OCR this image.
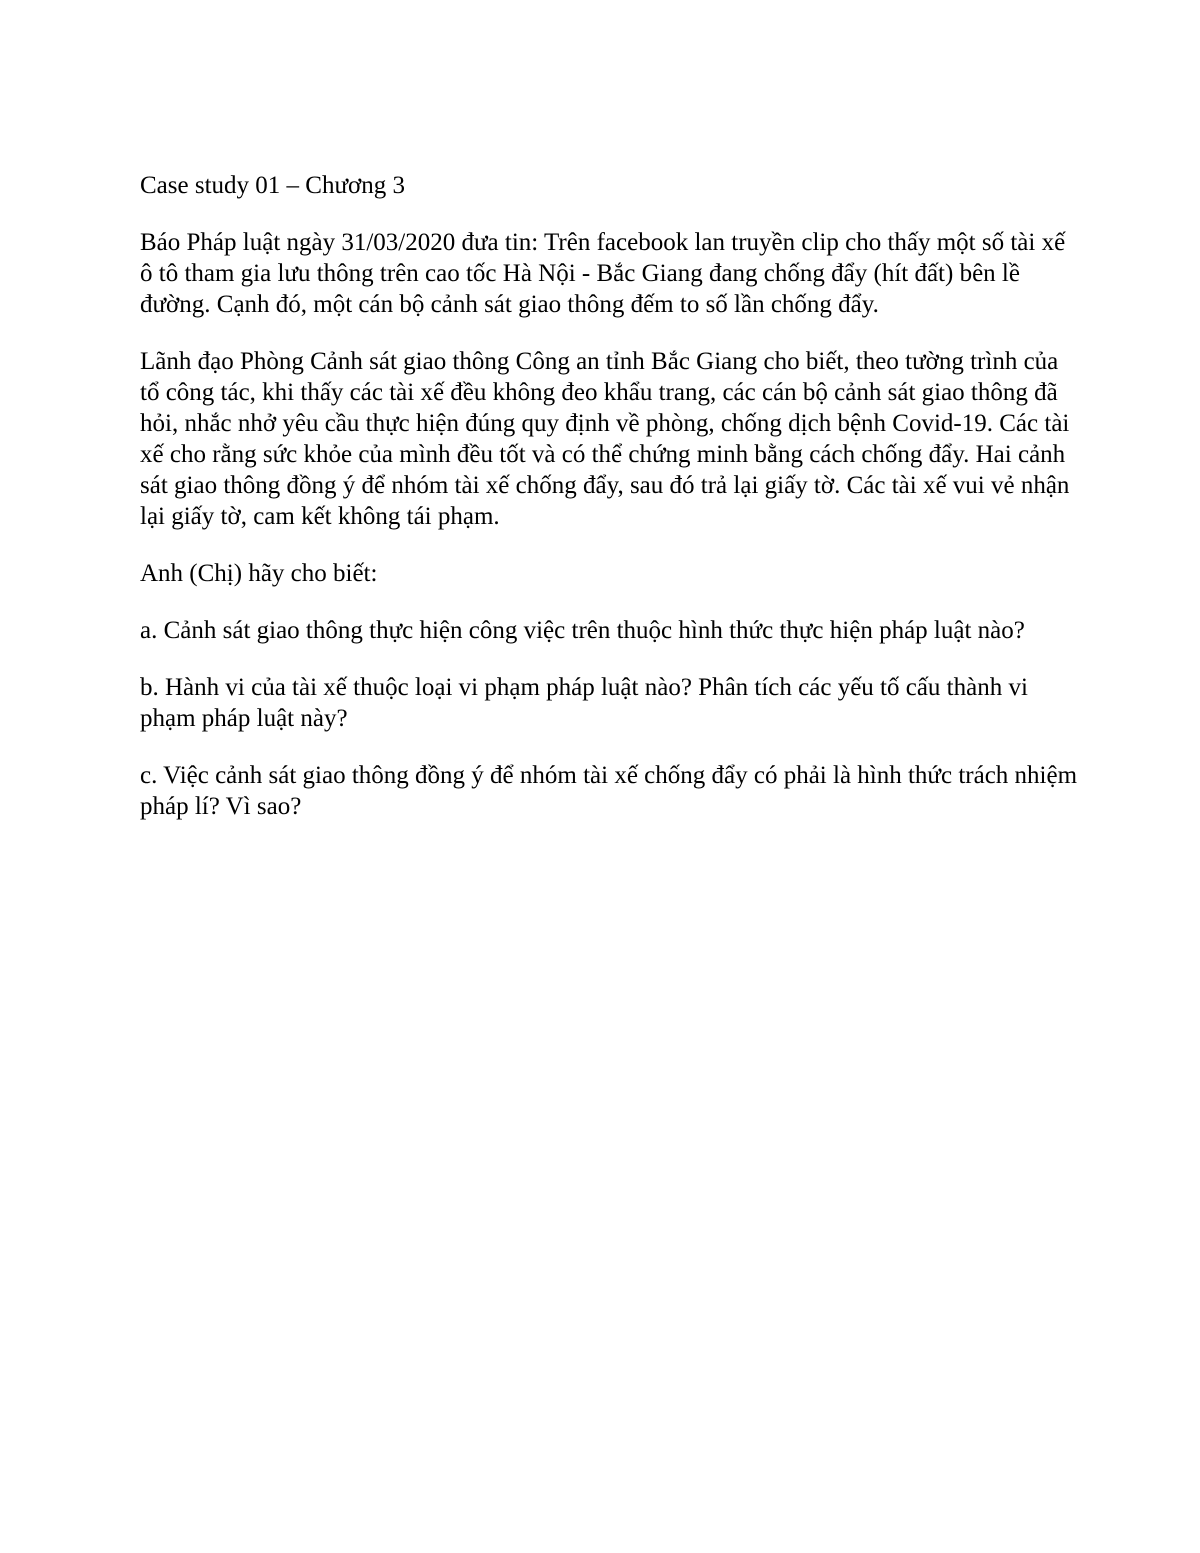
Case study 01 – Chương 3

Báo Pháp luật ngày 31/03/2020 đưa tin: Trên facebook lan truyền clip cho thấy một số tài xế ô tô tham gia lưu thông trên cao tốc Hà Nội - Bắc Giang đang chống đẩy (hít đất) bên lề đường. Cạnh đó, một cán bộ cảnh sát giao thông đếm to số lần chống đẩy.

Lãnh đạo Phòng Cảnh sát giao thông Công an tỉnh Bắc Giang cho biết, theo tường trình của tổ công tác, khi thấy các tài xế đều không đeo khẩu trang, các cán bộ cảnh sát giao thông đã hỏi, nhắc nhở yêu cầu thực hiện đúng quy định về phòng, chống dịch bệnh Covid-19. Các tài xế cho rằng sức khỏe của mình đều tốt và có thể chứng minh bằng cách chống đẩy. Hai cảnh sát giao thông đồng ý để nhóm tài xế chống đẩy, sau đó trả lại giấy tờ. Các tài xế vui vẻ nhận lại giấy tờ, cam kết không tái phạm.

Anh (Chị) hãy cho biết:

a. Cảnh sát giao thông thực hiện công việc trên thuộc hình thức thực hiện pháp luật nào?

b. Hành vi của tài xế thuộc loại vi phạm pháp luật nào? Phân tích các yếu tố cấu thành vi phạm pháp luật này?

c. Việc cảnh sát giao thông đồng ý để nhóm tài xế chống đẩy có phải là hình thức trách nhiệm pháp lí? Vì sao?
